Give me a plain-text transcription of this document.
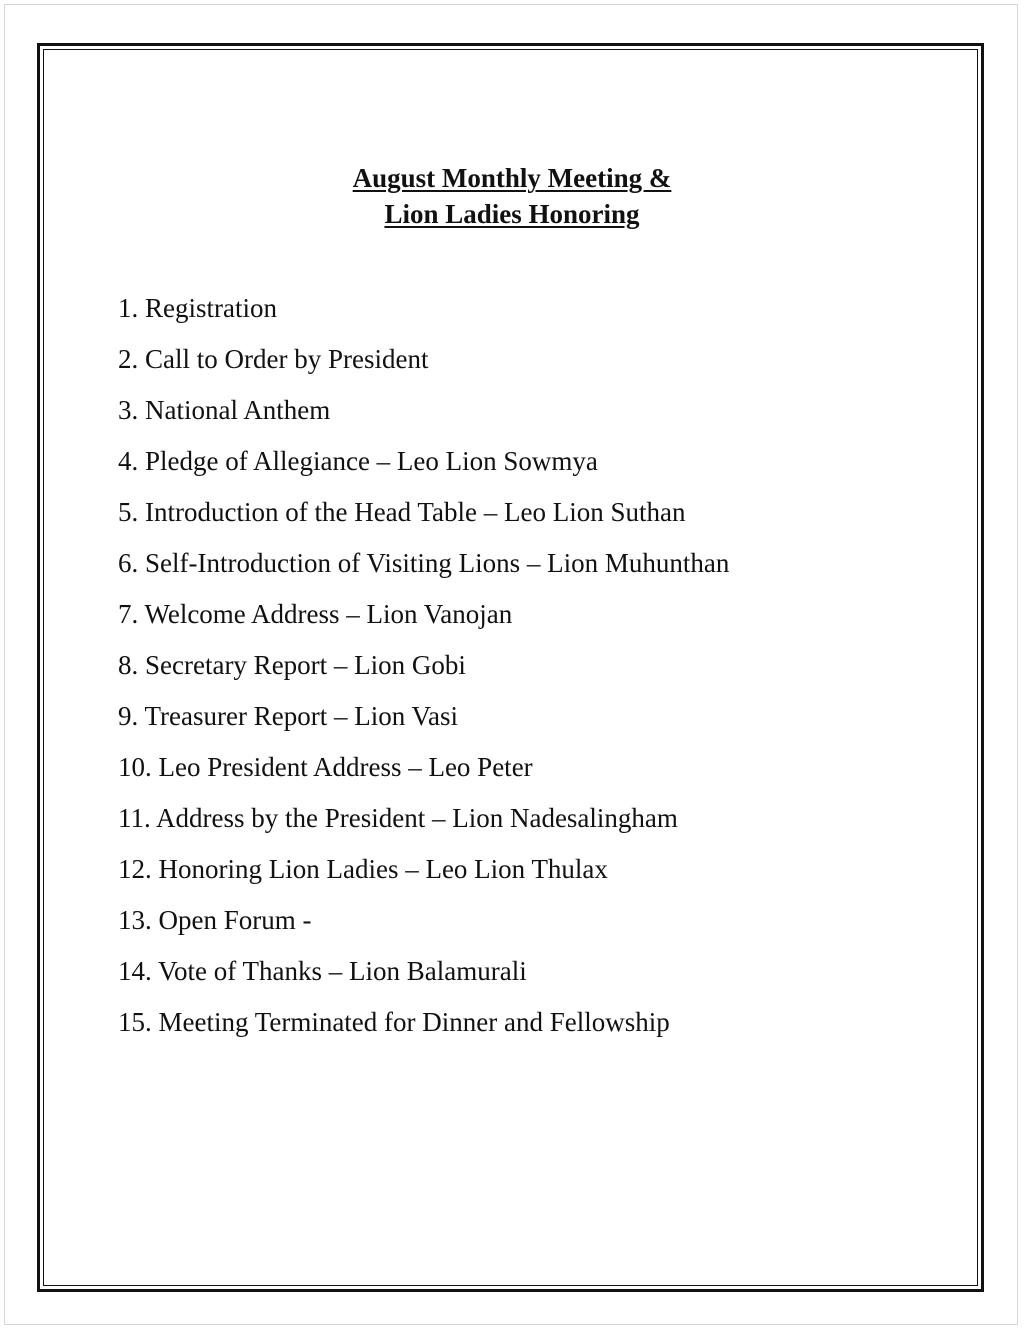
August Monthly Meeting &
Lion Ladies Honoring
1. Registration
2. Call to Order by President
3. National Anthem
4. Pledge of Allegiance – Leo Lion Sowmya
5. Introduction of the Head Table – Leo Lion Suthan
6. Self-Introduction of Visiting Lions – Lion Muhunthan
7. Welcome Address – Lion Vanojan
8. Secretary Report – Lion Gobi
9. Treasurer Report – Lion Vasi
10. Leo President Address – Leo Peter
11. Address by the President – Lion Nadesalingham
12. Honoring Lion Ladies – Leo Lion Thulax
13. Open Forum -
14. Vote of Thanks – Lion Balamurali
15. Meeting Terminated for Dinner and Fellowship
